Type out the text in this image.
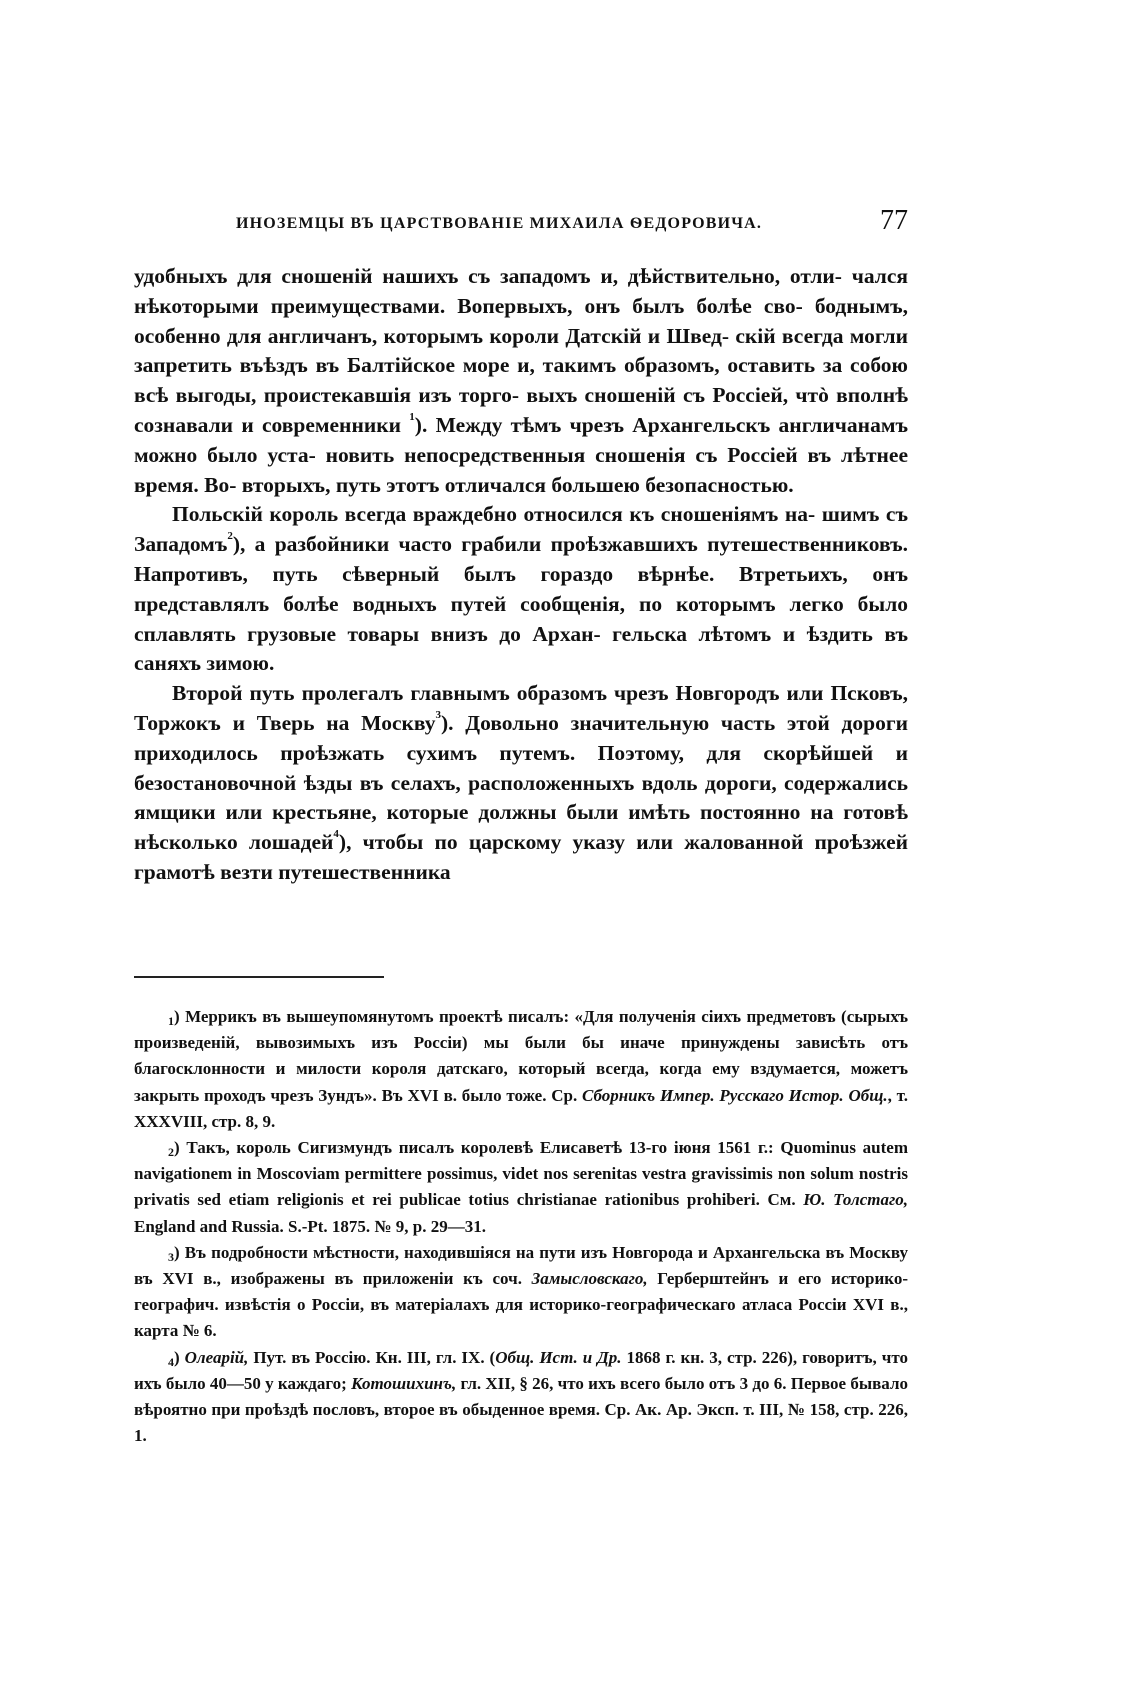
ИНОЗЕМЦЫ ВЪ ЦАРСТВОВАНІЕ МИХАИЛА ѲЕДОРОВИЧА.	77

удобныхъ для сношеній нашихъ съ западомъ и, дѣйствительно, отли- чался нѣкоторыми преимуществами. Вопервыхъ, онъ былъ болѣе сво- боднымъ, особенно для англичанъ, которымъ короли Датскій и Швед- скій всегда могли запретить въѣздъ въ Балтійское море и, такимъ образомъ, оставить за собою всѣ выгоды, проистекавшія изъ торго- выхъ сношеній съ Россіей, чтò вполнѣ сознавали и современники $^1$). Между тѣмъ чрезъ Архангельскъ англичанамъ можно было уста- новить непосредственныя сношенія съ Россіей въ лѣтнее время. Во- вторыхъ, путь этотъ отличался большею безопасностью.

Польскій король всегда враждебно относился къ сношеніямъ на- шимъ съ Западомъ$^2$), а разбойники часто грабили проѣзжавшихъ путешественниковъ. Напротивъ, путь сѣверный былъ гораздо вѣрнѣе. Втретьихъ, онъ представлялъ болѣе водныхъ путей сообщенія, по которымъ легко было сплавлять грузовые товары внизъ до Архан- гельска лѣтомъ и ѣздить въ саняхъ зимою.

Второй путь пролегалъ главнымъ образомъ чрезъ Новгородъ или Псковъ, Торжокъ и Тверь на Москву$^3$). Довольно значительную часть этой дороги приходилось проѣзжать сухимъ путемъ. Поэтому, для скорѣйшей и безостановочной ѣзды въ селахъ, расположенныхъ вдоль дороги, содержались ямщики или крестьяне, которые должны были имѣть постоянно на готовѣ нѣсколько лошадей$^4$), чтобы по царскому указу или жалованной проѣзжей грамотѣ везти путешественника

$^1$) Меррикъ въ вышеупомянутомъ проектѣ писалъ: «Для полученія сіихъ предметовъ (сырыхъ произведеній, вывозимыхъ изъ Россіи) мы были бы иначе принуждены зависѣть отъ благосклонности и милости короля датскаго, который всегда, когда ему вздумается, можетъ закрыть проходъ чрезъ Зундъ». Въ XVI в. было тоже. Ср. Сборникъ Импер. Русскаго Истор. Общ., т. XXXVIII, стр. 8, 9.

$^2$) Такъ, король Сигизмундъ писалъ королевѣ Елисаветѣ 13-го іюня 1561 г.: Quominus autem navigationem in Moscoviam permittere possimus, videt nos serenitas vestra gravissimis non solum nostris privatis sed etiam religionis et rei publicae totius christianae rationibus prohiberi. Cм. Ю. Толстаго, England and Russia. S.-Pt. 1875. № 9, p. 29—31.

$^3$) Въ подробности мѣстности, находившіяся на пути изъ Новгорода и Архангельска въ Москву въ XVI в., изображены въ приложеніи къ соч. Замысловскаго, Герберштейнъ и его историко-географич. извѣстія о Россіи, въ матеріалахъ для историко-географическаго атласа Россіи XVI в., карта № 6.

$^4$) Олеарій, Пут. въ Россію. Кн. III, гл. IX. (Общ. Ист. и Др. 1868 г. кн. 3, стр. 226), говоритъ, что ихъ было 40—50 у каждаго; Котошихинъ, гл. XII, § 26, что ихъ всего было отъ 3 до 6. Первое бывало вѣроятно при проѣздѣ пословъ, второе въ обыденное время. Ср. Ак. Ар. Эксп. т. III, № 158, стр. 226, 1.
